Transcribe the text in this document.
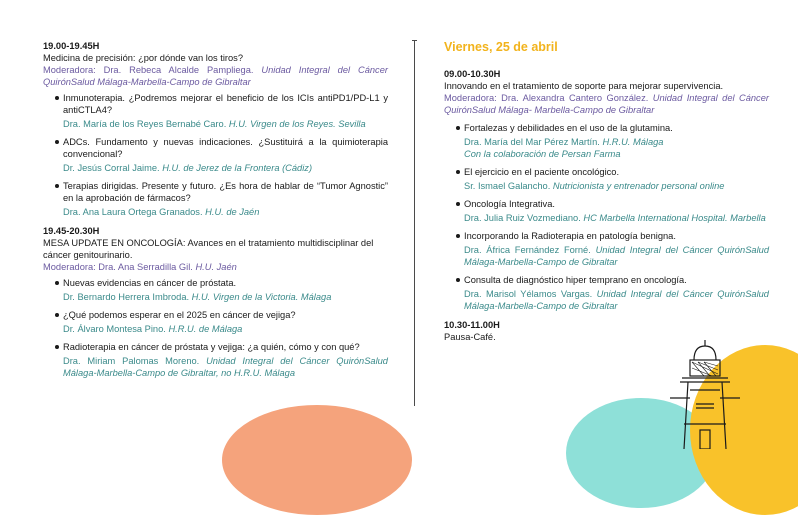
19.00-19.45H
Medicina de precisión: ¿por dónde van los tiros?
Moderadora: Dra. Rebeca Alcalde Pampliega. Unidad Integral del Cáncer QuirónSalud Málaga-Marbella-Campo de Gibraltar
Inmunoterapia. ¿Podremos mejorar el beneficio de los ICIs antiPD1/PD-L1 y antiCTLA4?
Dra. María de los Reyes Bernabé Caro. H.U. Virgen de los Reyes. Sevilla
ADCs. Fundamento y nuevas indicaciones. ¿Sustituirá a la quimioterapia convencional?
Dr. Jesús Corral Jaime. H.U. de Jerez de la Frontera (Cádiz)
Terapias dirigidas. Presente y futuro. ¿Es hora de hablar de “Tumor Agnostic” en la aprobación de fármacos?
Dra. Ana Laura Ortega Granados. H.U. de Jaén
19.45-20.30H
MESA UPDATE EN ONCOLOGÍA: Avances en el tratamiento multidisciplinar del cáncer genitourinario.
Moderadora: Dra. Ana Serradilla Gil. H.U. Jaén
Nuevas evidencias en cáncer de próstata.
Dr. Bernardo Herrera Imbroda. H.U. Virgen de la Victoria. Málaga
¿Qué podemos esperar en el 2025 en cáncer de vejiga?
Dr. Álvaro Montesa Pino. H.R.U. de Málaga
Radioterapia en cáncer de próstata y vejiga: ¿a quién, cómo y con qué?
Dra. Miriam Palomas Moreno. Unidad Integral del Cáncer QuirónSalud Málaga-Marbella-Campo de Gibraltar, no H.R.U. Málaga
Viernes, 25 de abril
09.00-10.30H
Innovando en el tratamiento de soporte para mejorar supervivencia.
Moderadora: Dra. Alexandra Cantero González. Unidad Integral del Cáncer QuirónSalud Málaga- Marbella-Campo de Gibraltar
Fortalezas y debilidades en el uso de la glutamina.
Dra. María del Mar Pérez Martín. H.R.U. Málaga
Con la colaboración de Persan Farma
El ejercicio en el paciente oncológico.
Sr. Ismael Galancho. Nutricionista y entrenador personal online
Oncología Integrativa.
Dra. Julia Ruiz Vozmediano. HC Marbella International Hospital. Marbella
Incorporando la Radioterapia en patología benigna.
Dra. África Fernández Forné. Unidad Integral del Cáncer QuirónSalud Málaga-Marbella-Campo de Gibraltar
Consulta de diagnóstico hiper temprano en oncología.
Dra. Marisol Yélamos Vargas. Unidad Integral del Cáncer QuirónSalud Málaga-Marbella-Campo de Gibraltar
10.30-11.00H
Pausa-Café.
